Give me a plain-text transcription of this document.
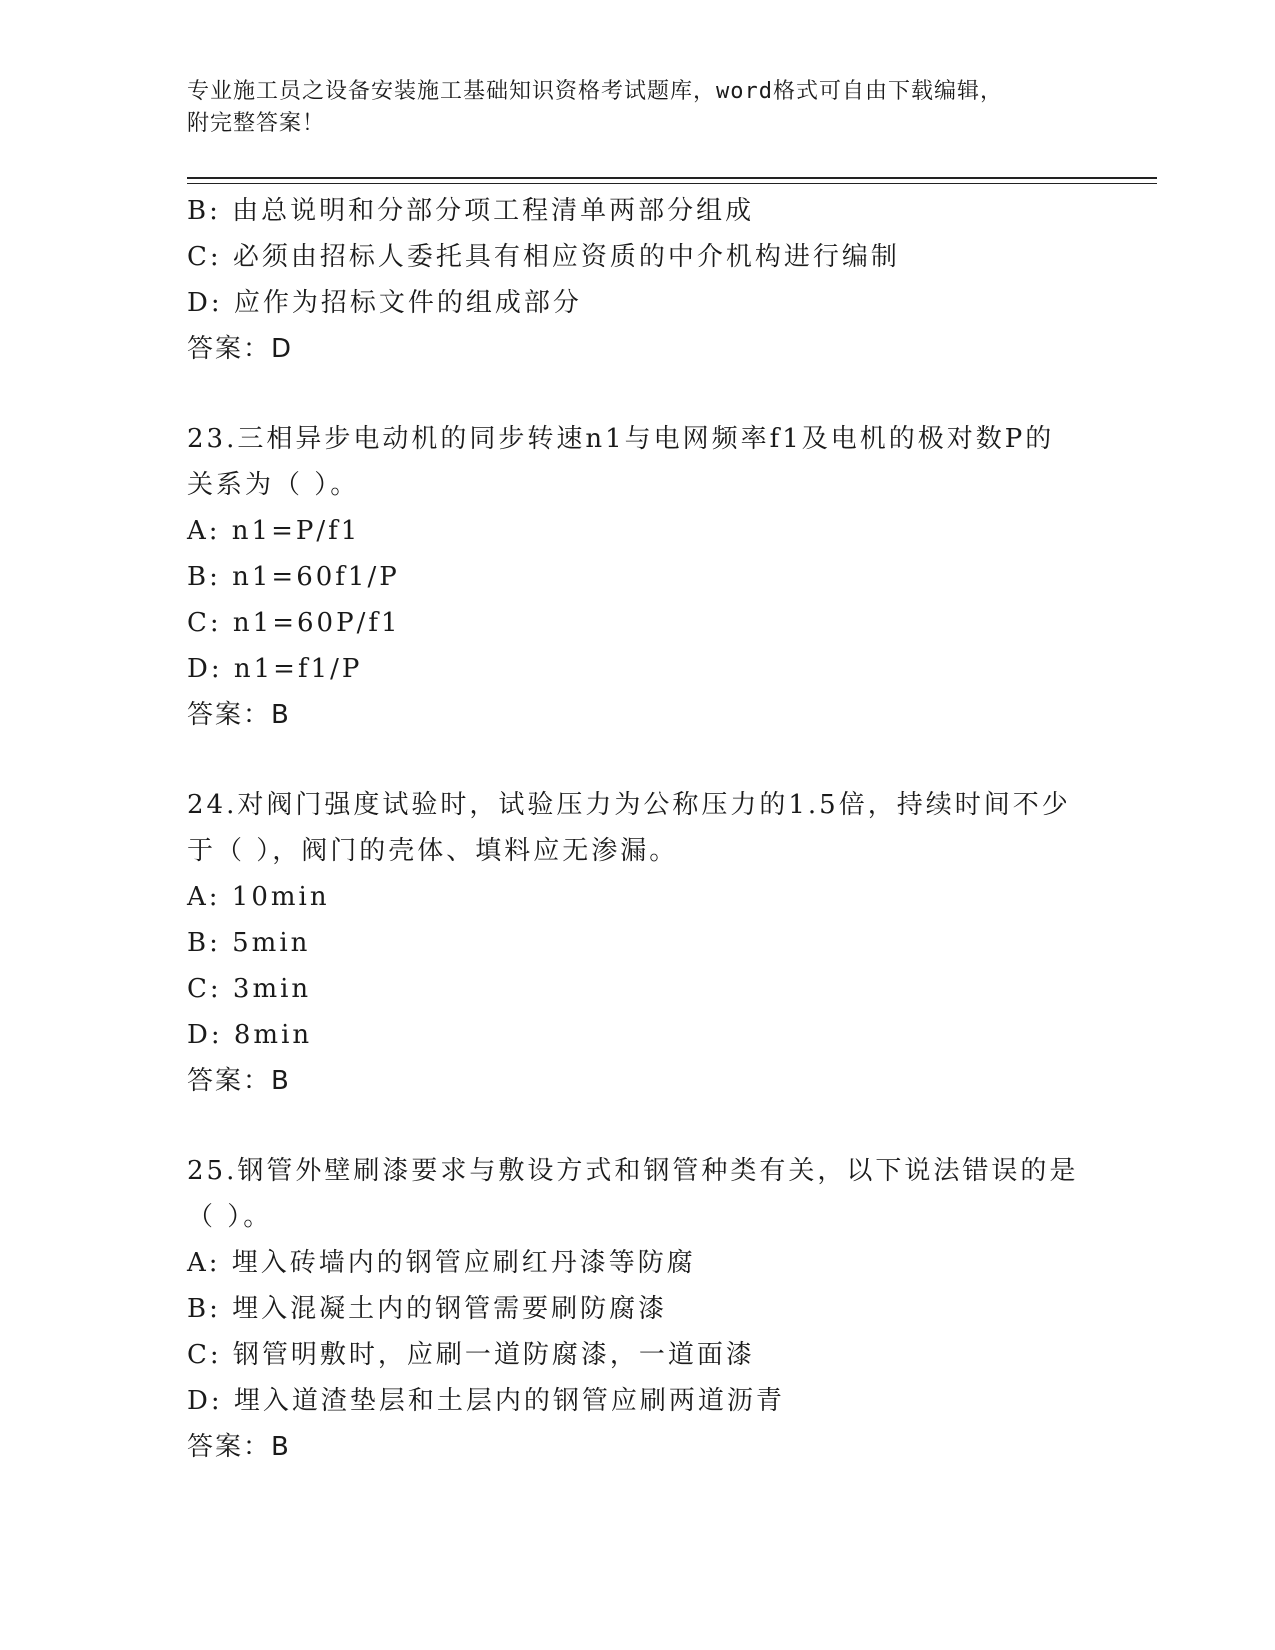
专业施工员之设备安装施工基础知识资格考试题库，word格式可自由下载编辑，
附完整答案！
B: 由总说明和分部分项工程清单两部分组成
C: 必须由招标人委托具有相应资质的中介机构进行编制
D: 应作为招标文件的组成部分
答案：D
23.三相异步电动机的同步转速n1与电网频率f1及电机的极对数P的
关系为（ ）。
A: n1=P/f1
B: n1=60f1/P
C: n1=60P/f1
D: n1=f1/P
答案：B
24.对阀门强度试验时，试验压力为公称压力的1.5倍，持续时间不少
于（ ），阀门的壳体、填料应无渗漏。
A: 10min
B: 5min
C: 3min
D: 8min
答案：B
25.钢管外壁刷漆要求与敷设方式和钢管种类有关，以下说法错误的是
（ ）。
A: 埋入砖墙内的钢管应刷红丹漆等防腐
B: 埋入混凝土内的钢管需要刷防腐漆
C: 钢管明敷时，应刷一道防腐漆，一道面漆
D: 埋入道渣垫层和土层内的钢管应刷两道沥青
答案：B
